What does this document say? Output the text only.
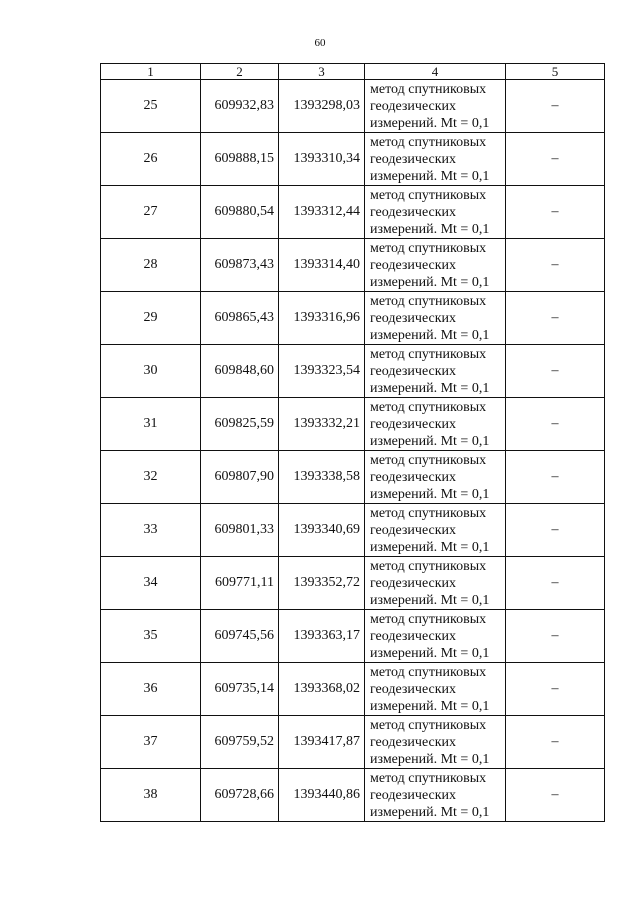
60
1	2	3	4	5
25	609932,83	1393298,03	метод спутниковых
геодезических
измерений. Mt = 0,1	–
26	609888,15	1393310,34	метод спутниковых
геодезических
измерений. Mt = 0,1	–
27	609880,54	1393312,44	метод спутниковых
геодезических
измерений. Mt = 0,1	–
28	609873,43	1393314,40	метод спутниковых
геодезических
измерений. Mt = 0,1	–
29	609865,43	1393316,96	метод спутниковых
геодезических
измерений. Mt = 0,1	–
30	609848,60	1393323,54	метод спутниковых
геодезических
измерений. Mt = 0,1	–
31	609825,59	1393332,21	метод спутниковых
геодезических
измерений. Mt = 0,1	–
32	609807,90	1393338,58	метод спутниковых
геодезических
измерений. Mt = 0,1	–
33	609801,33	1393340,69	метод спутниковых
геодезических
измерений. Mt = 0,1	–
34	609771,11	1393352,72	метод спутниковых
геодезических
измерений. Mt = 0,1	–
35	609745,56	1393363,17	метод спутниковых
геодезических
измерений. Mt = 0,1	–
36	609735,14	1393368,02	метод спутниковых
геодезических
измерений. Mt = 0,1	–
37	609759,52	1393417,87	метод спутниковых
геодезических
измерений. Mt = 0,1	–
38	609728,66	1393440,86	метод спутниковых
геодезических
измерений. Mt = 0,1	–
